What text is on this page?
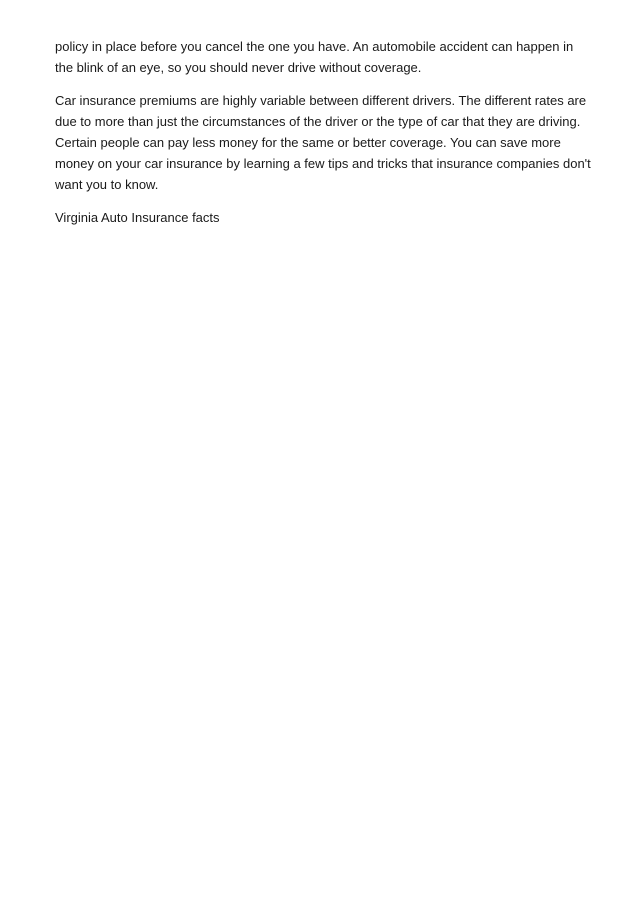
policy in place before you cancel the one you have. An automobile accident can happen in
the blink of an eye, so you should never drive without coverage.

Car insurance premiums are highly variable between different drivers. The different rates are
due to more than just the circumstances of the driver or the type of car that they are driving.
Certain people can pay less money for the same or better coverage. You can save more
money on your car insurance by learning a few tips and tricks that insurance companies don't
want you to know.

Virginia Auto Insurance facts
